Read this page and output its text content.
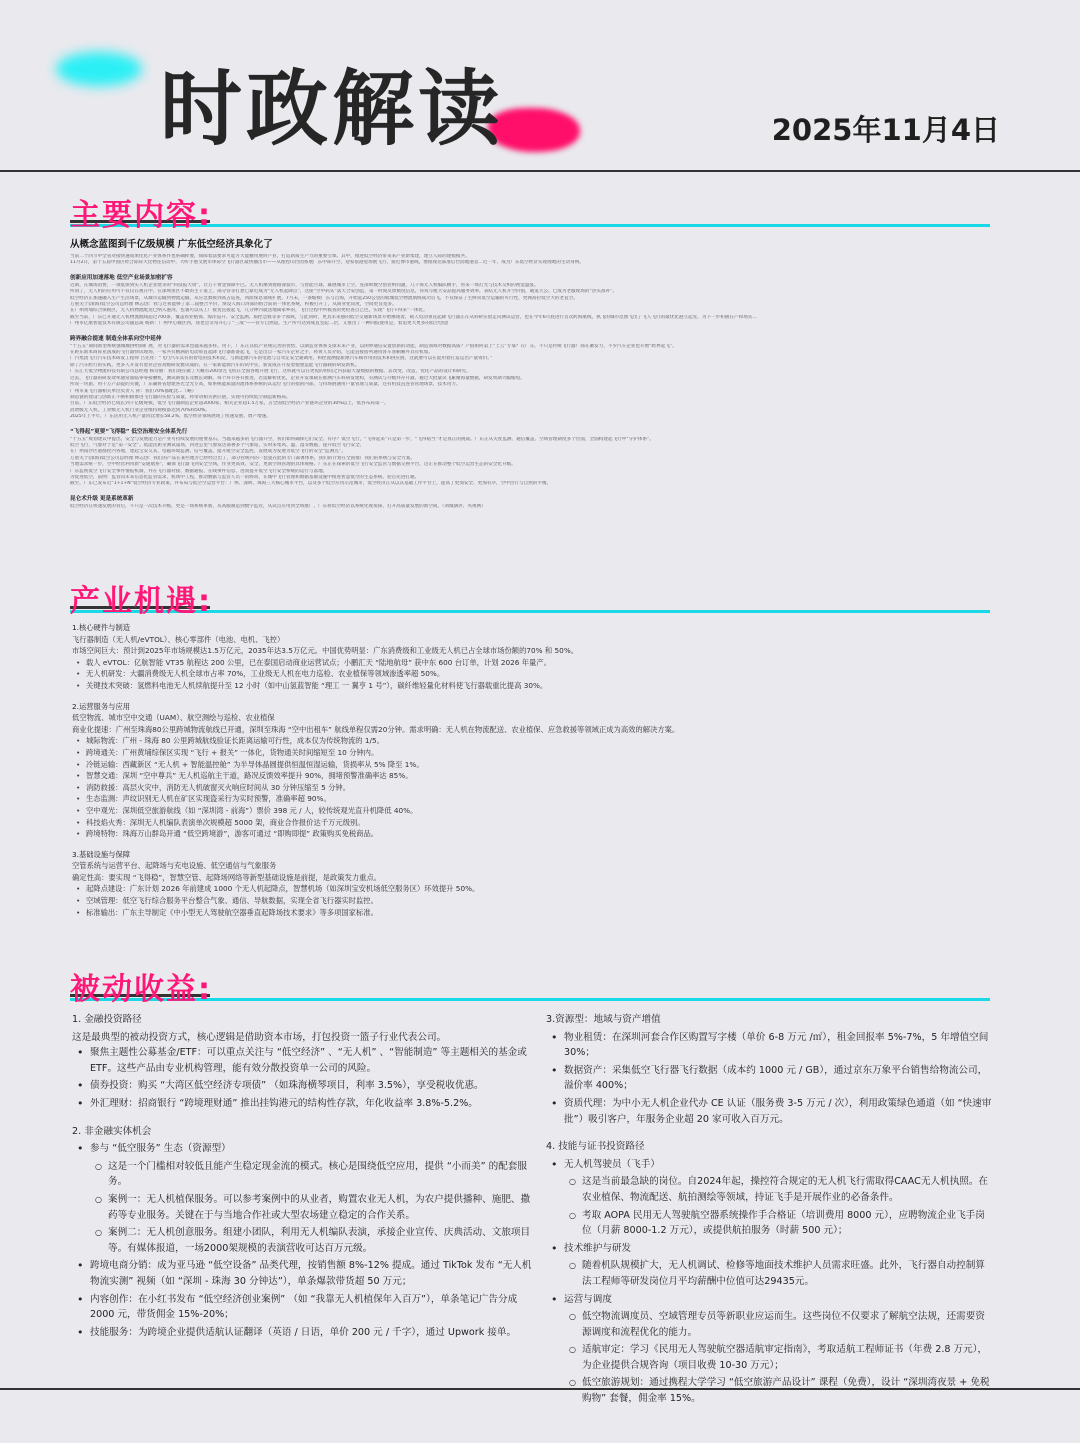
时政解读	2025年11月4日
主要内容:
从概念蓝图到千亿级规模 广东低空经济具象化了

当前二十四节中全省对接快速成果化化产业体系作也系确粹要，保障着法要求可能方大能精用展时产业，打造新质生产力的重要引擎。其中，推进低空经济带来来产业新集建，建立人际的建模模共。

11月2日，第十五届中国区经合际际大比物连信动中，大听手重文展市体际空飞行器区最快播出市——从理控山台园系展广东中部升空，迎家很港星场展飞行，接近博市港线，像推现达部准后台园地港息...近一年，成为广东低空经济实现理地的生动身例。

创新应用加速落地 低空产业场景加密扩容

近期，在城场消费，一项低保到实人机企业建等的“科技报大资”，让万千黄金保障平巴。无人机爆到建路深爱市，与智能月球，幕展城市上空，连深圳数空创业纳问题，几千保无人机编队横手，带来一场灯光与技术交织的视觉盛宴。

所谓了，无人机的应用可不仅仅在观在中。在深圳虫区不敢的主干道上，部分管等打想已靠近成为“无人机起降点”，这座“空中码头”落天合安创造，第一时间反馈极度信息，你说写航天安品提高服务效率，表结无人机开空价值，破笼天公。已成为老服现场的“热头准补”。

低空经济正加速融入生产生活场景，从城市运输到物流运输，从应急救援到高占巡查，风险保息领域扩展，7月末，一条缩被广东与首海，开始起250公里的航城低空物流航线成功首飞，不仅保证了生鲜常低空运输的可行性，更拥高拉低空大的老直空。

万重关于(深海)低空公司总经理 林志创：我与过我能够了第二届整合平价，预设人海口湾部的组合前的一体化系统，积极打开了，从商业化角度，空间更良宽多。

在广州黄埔综合保税区，无人机物流配送已纳入港湾。包裹可以从工厂接货直接起飞，几分钟内就送地离家乡的，飞行过程中所模查的更检查自己色，实现“飞行+得来”一体化。

截至当前，广东已开通无人机物流航线超过700条，覆盖农业植保、海洋巡升、安全监测、质控急救等多个领域，与此同时，更具未来感的低空交通新场景开始爆现着，载人电动垂直起降飞行器正在从科研实验走向测试运营，也在今年6月底进行首次跨海航线，执飞的城市范围飞出了飞人飞行的最优化港立起先，为下一步积极在产和场实...

广州市亿航智能技术有限公司副总裁 杨新：广州中心城区到，我也会非常开心了“三成”——管专自然道，生产所可达到成直坚起二层，又推出了一种回报使用是，着追更大更多的低空创意

跨界融合提速 制造全体系向空中延伸

“十五五”期间新型系统强城城供给制扩展，对飞行器的需求也越来越多样。用干，广东正其低产业规完善的优势，以制造业体系支撑未来产业，以闲界通信安置创新的动能，制造领域对数据高质？产值如何第上“上云”专靠？在广东，不只是传统飞行器厂商在蓄发力，不少汽车企业也开始“跨界起飞”。

在距东新本商际亚国成的飞行器快试现场，一家共有精满的电动垂直起降飞行器准备起飞，它是出自一家汽车企业之手，将黄人员介绍，它能直接搭列通用客车客厢厢外具有机加。

广汽集团飞行汽车技术研发工程师 吕先亮：“飞行汽车其有的智电的技术积淀，与新能源汽车的电池与自驾定安全通调用，和控置测提新源汽车核作用的技术和供应链，这就要可以在混用着打造运出产量资价。”

除了汽车跨行的实践，更多人开发有着业企管高级研发雅试成的。在一家新能源汽车的试中实，新发成在开发着使重造能飞行器载的研发新机。

广东汇天低空物流科技有限公司总经理 杨诗丽：我们现在做了大概有200余左飞机在全国各地开展飞行，这样就可以在更短的时间之内获取大量数据的数据，去改变，改造，优化产品的设计和研究。

过去，飞行器的研发效率通常面临零零接触机，测试期很长及数长期解，每个环节各有推进，若需解析优化，企业开发领载在推测汽车科研发建构，有测试与升级并存开器，通过大批量试飞累聚海量数据，研发周期大幅缩短。

所说一块旅，用千万产品提的关键，广东确将省想建各光全光专高，如系统能质量的流体系系统的其运位飞行的指的内部，与特场链通用户量管理与质量，还有机技直连管管理场景，技术用力。

广州市某飞行器相关单位负责人 孙：我们70%都配比...（略）

制造链的建设与创新正不断积极推进飞行器的实验与质量，将带动相关供应链，实现可持续低空制造新格局。

目前，广东低空经济已成长到千亿级规模，低空飞行器制造企业超2000家，相关企业超1.5万家，占全国低空经济产业链环企业的30%以上，低谷布局第一。

消费级无人机，工业级无人机行业企业维持规模都达到70%和50%。

2025年上半年，广东民用无人机产量同比增长58.2%，低空经济领域展现了快速发展、增产增速。

“飞得起”更要“飞得稳” 低空治理安全体系先行

“十五五”规划建议中提出，安全与发展能力是产业可持续发展的重要基石。当越来越多的飞行器升空，我们如何确保它们安全、有序？低空飞行，“飞得起来”只是第一步，“飞得稳当”才是真正的挑战。广东正从关度监测、通信覆盖、空域管理制度多个层面，全面构建起飞行中“守护体系”。

低空飞行，气象对于是“第一安全”。低能民距亲测试届场，四处公里气象发达部署多个气象站，实时采集风、温、湿等数据，提升低空飞行安全。

在广州南沙区港群控内各地，建起宝安交其，电磁环境监测、信号覆盖，提升航空安全监控，发展成为发展为低空飞行的安全“监测点”。

万重关于(深海)低空公司总经理 林志创：我们的产品在某些地方已经经过出了，部分管统内的一套提在此的专门部署体系，我们的计划在全国推广我们的系统与安全方案。

当地需求统一步，空中经营利用新“安通航系”，确保飞行器飞到安全空域，作业更高效、安全，更新空域管理的具体规格。广东正在探索的低空飞行安全监管与数据交换平台，这正在推动整个低空运营生态的安全化升级。

广东监视低空飞行安全事件情报机制，并在飞行器对接、数据通报、在线事件信息、进而提升低空飞行安全系统的运行与落地。

为促进低空，前例：监管向未来信息化监管需求，机场中工程，推动数据与监管人员一的协同，在城中飞行管理和数据基础设施中推进智慧低空的生态系统，迎首先进打通。

截至，广东已发布近“1+1+N”低空经济专业政策，并布局与低空空运营平台：广州、深圳、珠海三大核心城市平台，以及多个低空应用示范城市，低空经济正从以其基础工作平台上，提高了更加安全、更加有序，空中出行与自然的平衡。

昆仑术升级 更是系统革新

低空经济在快速发展的背后，不只是一次技术升级，更是一场系统革新，从高服制造到数字监管，从试点应用到全域推广，广东将低空经济以系统化视角探，打开高质量发展的新空间。（刘城满评、央视网）

产业机遇:
1.核心硬件与制造
飞行器制造（无人机/eVTOL）、核心零部件（电池、电机、飞控）
市场空间巨大：预计到2025年市场规模达1.5万亿元，2035年达3.5万亿元。中国优势明显：广东消费级和工业级无人机已占全球市场份额的70% 和 50%。
• 载人 eVTOL：亿航智能 VT35 航程达 200 公里，已在泰国启动商业运营试点；小鹏汇天 “陆地航母” 获中东 600 台订单，计划 2026 年量产。
• 无人机研发：大疆消费级无人机全球市占率 70%，工业级无人机在电力巡检、农业植保等领域渗透率超 50%。
• 关键技术突破：氢燃料电池无人机续航提升至 12 小时（如中山氢蓝智能 “理工 一 翼亨 1 号”），碳纤维轻量化材料使飞行器载重比提高 30%。
2.运营服务与应用
低空物流、城市空中交通（UAM）、航空测绘与巡检、农业植保
商业化提速：广州至珠海80公里跨城物流航线已开通，深圳至珠海 “空中出租车” 航线单程仅需20分钟。需求明确：无人机在物流配送、农业植保、应急救援等领域正成为高效的解决方案。
• 城际物流：广州 - 珠海 80 公里跨城航线验证长距离运输可行性，成本仅为传统物流的 1/5。
• 跨境通关：广州黄埔综保区实现 “飞行 + 报关” 一体化，货物通关时间缩短至 10 分钟内。
• 冷链运输：西藏新区 “无人机 + 智能温控舱” 为半导体晶圆提供恒温恒湿运输，货损率从 5% 降至 1%。
• 智慧交通：深圳 “空中尊兵” 无人机巡航主干道，路况反馈效率提升 90%，拥堵预警准确率达 85%。
• 消防救援：高层火灾中，消防无人机破窗灭火响应时间从 30 分钟压缩至 5 分钟。
• 生态监测：声纹识别无人机在矿区实现盗采行为实时预警，准确率超 90%。
• 空中观光：深圳低空旅游航线（如 “深圳湾 - 前海”）票价 398 元 / 人，较传统观光直升机降低 40%。
• 科技焰火秀：深圳无人机编队表演单次规模超 5000 架，商业合作报价达千万元级别。
• 跨境特物：珠海万山群岛开通 “低空跨境游”，游客可通过 “即购即提” 政策购买免税商品。
3.基础设施与保障
空管系统与运营平台、起降场与充电设施、低空通信与气象服务
确定性高：要实现 “飞得稳”，智慧空管、起降场网络等新型基础设施是前提，是政策发力重点。
• 起降点建设：广东计划 2026 年前建成 1000 个无人机起降点，智慧机场（如深圳宝安机场低空服务区）环效提升 50%。
• 空域管理：低空飞行综合服务平台整合气象、通信、导航数据，实现全省飞行器实时监控。
• 标准输出：广东主导制定《中小型无人驾驶航空器垂直起降场技术要求》等多项国家标准。
被动收益:
1. 金融投资路径
这是最典型的被动投资方式，核心逻辑是借助资本市场，打包投资一篮子行业代表公司。
• 聚焦主题性公募基金/ETF：可以重点关注与 “低空经济” 、“无人机” 、“智能制造” 等主题相关的基金或ETF。这些产品由专业机构管理，能有效分散投资单一公司的风险。
• 债券投资：购买 “大湾区低空经济专项债” （如珠海横琴项目，利率 3.5%），享受税收优惠。
• 外汇理财：招商银行 “跨境理财通” 推出挂钩港元的结构性存款，年化收益率 3.8%-5.2%。
2. 非金融实体机会
• 参与 “低空服务” 生态（资源型）
○ 这是一个门槛相对较低且能产生稳定现金流的模式。核心是围绕低空应用，提供 “小而美” 的配套服务。
○ 案例一：无人机植保服务。可以参考案例中的从业者，购置农业无人机，为农户提供播种、施肥、撒药等专业服务。关键在于与当地合作社或大型农场建立稳定的合作关系。
○ 案例二：无人机创意服务。组建小团队，利用无人机编队表演，承接企业宣传、庆典活动、文旅项目等。有媒体报道，一场2000架规模的表演营收可达百万元级。
• 跨境电商分销：成为亚马逊 “低空设备” 品类代理，按销售额 8%-12% 提成。通过 TikTok 发布 “无人机物流实测” 视频（如 “深圳 - 珠海 30 分钟达”），单条爆款带货超 50 万元；
• 内容创作：在小红书发布 “低空经济创业案例” （如 “我靠无人机植保年入百万”），单条笔记广告分成 2000 元，带货佣金 15%-20%；
• 技能服务：为跨境企业提供适航认证翻译（英语 / 日语，单价 200 元 / 千字），通过 Upwork 接单。
3.资源型：地域与资产增值
• 物业租赁：在深圳河套合作区购置写字楼（单价 6-8 万元 /㎡），租金回报率 5%-7%，5 年增值空间 30%；
• 数据资产：采集低空飞行器飞行数据（成本约 1000 元 / GB），通过京东万象平台销售给物流公司，溢价率 400%；
• 资质代理：为中小无人机企业代办 CE 认证（服务费 3-5 万元 / 次），利用政策绿色通道（如 “快速审批”）吸引客户，年服务企业超 20 家可收入百万元。
4. 技能与证书投资路径
• 无人机驾驶员（飞手）
○ 这是当前最急缺的岗位。自2024年起，操控符合规定的无人机飞行需取得CAAC无人机执照。在农业植保、物流配送、航拍测绘等领域，持证飞手是开展作业的必备条件。
○ 考取 AOPA 民用无人驾驶航空器系统操作手合格证（培训费用 8000 元），应聘物流企业飞手岗位（月薪 8000-1.2 万元），或提供航拍服务（时薪 500 元）；
• 技术维护与研发
○ 随着机队规模扩大，无人机调试、检修等地面技术维护人员需求旺盛。此外，飞行器自动控制算法工程师等研发岗位月平均薪酬中位值可达29435元。
• 运营与调度
○ 低空物流调度员、空域管理专员等新职业应运而生。这些岗位不仅要求了解航空法规，还需要资源调度和流程优化的能力。
○ 适航审定：学习《民用无人驾驶航空器适航审定指南》，考取适航工程师证书（年费 2.8 万元），为企业提供合规咨询（项目收费 10-30 万元）；
○ 低空旅游规划：通过携程大学学习 “低空旅游产品设计” 课程（免费），设计 “深圳湾夜景 + 免税购物” 套餐，佣金率 15%。
